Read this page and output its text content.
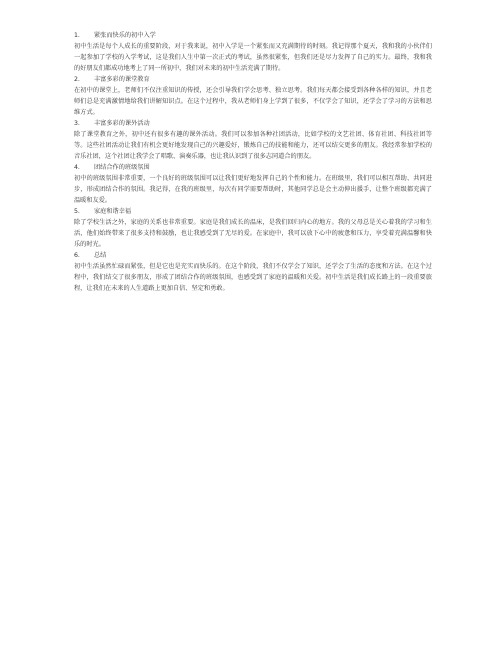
1.	紧张而快乐的初中入学

初中生活是每个人成长的重要阶段，对于我来说，初中入学是一个紧张而又充满期待的时刻。我记得那个夏天，我和我的小伙伴们一起参加了学校的入学考试，这是我们人生中第一次正式的考试，虽然很紧张，但我们还是尽力发挥了自己的实力。最终，我和我的好朋友们都成功地考上了同一所初中，我们对未来的初中生活充满了期待。

2.	丰富多彩的课堂教育

在初中的课堂上，老师们不仅注重知识的传授，还会引导我们学会思考、独立思考。我们每天都会接受到各种各样的知识，并且老师们总是充满激情地给我们讲解知识点。在这个过程中，我从老师们身上学到了很多，不仅学会了知识，还学会了学习的方法和思维方式。

3.	丰富多彩的课外活动

除了课堂教育之外，初中还有很多有趣的课外活动。我们可以参加各种社团活动，比如学校的文艺社团、体育社团、科技社团等等。这些社团活动让我们有机会更好地发现自己的兴趣爱好，锻炼自己的技能和能力，还可以结交更多的朋友。我经常参加学校的音乐社团，这个社团让我学会了唱歌、演奏乐器，也让我认识到了很多志同道合的朋友。

4.	团结合作的班级氛围

初中的班级氛围非常重要，一个良好的班级氛围可以让我们更好地发挥自己的个性和能力。在班级里，我们可以相互帮助、共同进步，形成团结合作的氛围。我记得，在我的班级里，每次有同学需要帮助时，其他同学总是会主动伸出援手，让整个班级都充满了温暖和友爱。

5.	家庭和谐幸福

除了学校生活之外，家庭的关系也非常重要。家庭是我们成长的温床，是我们回归内心的地方。我的父母总是关心着我的学习和生活，他们始终带来了很多支持和鼓励，也让我感受到了无尽的爱。在家庭中，我可以放下心中的疲惫和压力，享受着充满温馨和快乐的时光。

6.	总结

初中生活虽然忙碌而紧张，但是它也是充实而快乐的。在这个阶段，我们不仅学会了知识，还学会了生活的态度和方法。在这个过程中，我们结交了很多朋友，形成了团结合作的班级氛围，也感受到了家庭的温暖和关爱。初中生活是我们成长路上的一段重要旅程，让我们在未来的人生道路上更加自信、坚定和勇敢。
